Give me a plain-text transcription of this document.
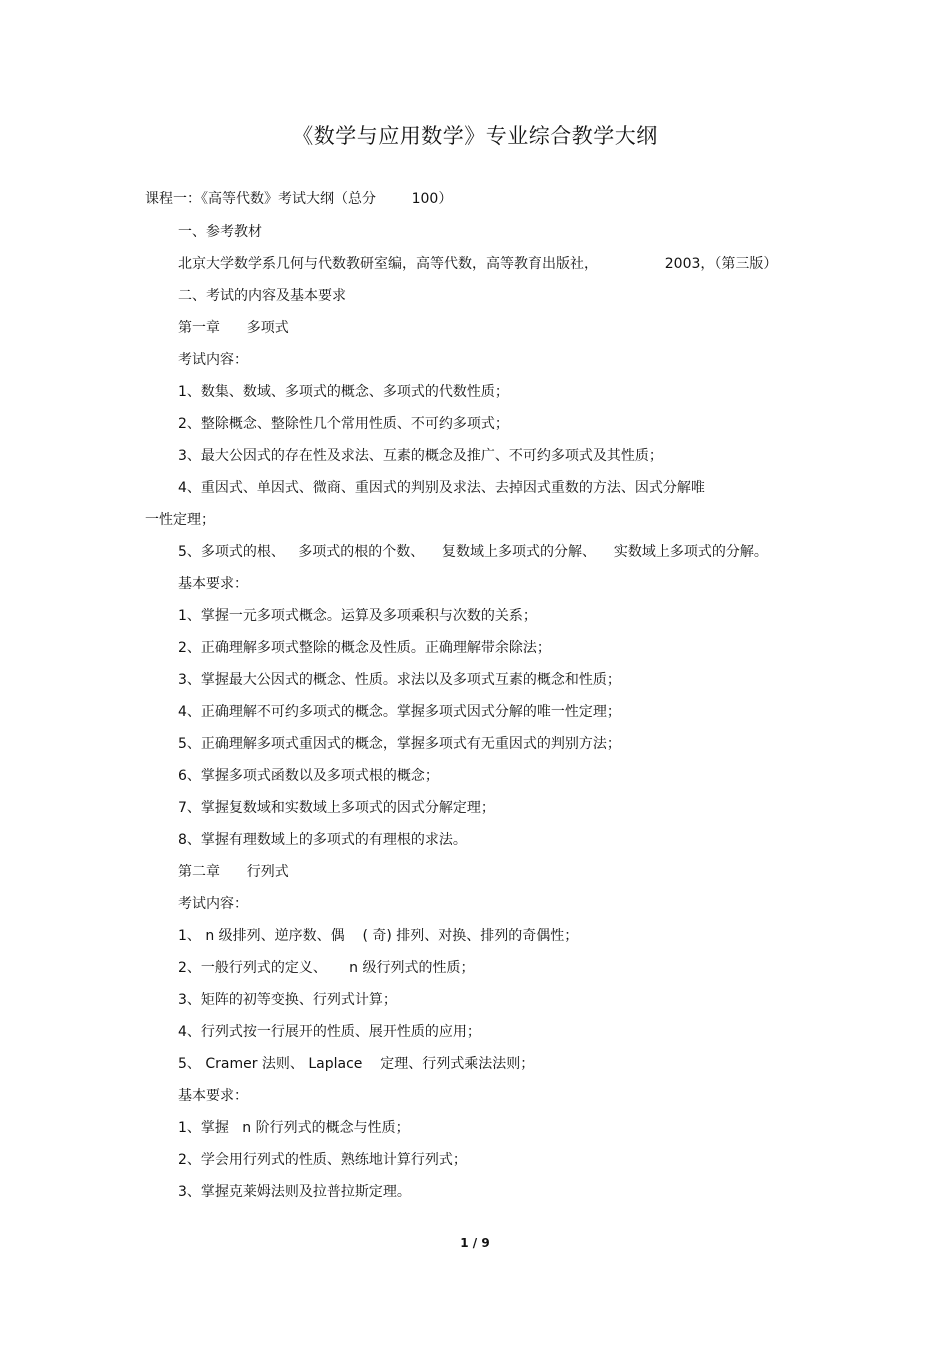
《数学与应用数学》专业综合教学大纲
课程一：《高等代数》考试大纲（总分        100）
一、参考教材
北京大学数学系几何与代数教研室编，高等代数，高等教育出版社，               2003，（第三版）
二、考试的内容及基本要求
第一章      多项式
考试内容：
1、数集、数域、多项式的概念、多项式的代数性质；
2、整除概念、整除性几个常用性质、不可约多项式；
3、最大公因式的存在性及求法、互素的概念及推广、不可约多项式及其性质；
4、重因式、单因式、微商、重因式的判别及求法、去掉因式重数的方法、因式分解唯
一性定理；
5、多项式的根、   多项式的根的个数、    复数域上多项式的分解、    实数域上多项式的分解。
基本要求：
1、掌握一元多项式概念。运算及多项乘积与次数的关系；
2、正确理解多项式整除的概念及性质。正确理解带余除法；
3、掌握最大公因式的概念、性质。求法以及多项式互素的概念和性质；
4、正确理解不可约多项式的概念。掌握多项式因式分解的唯一性定理；
5、正确理解多项式重因式的概念，掌握多项式有无重因式的判别方法；
6、掌握多项式函数以及多项式根的概念；
7、掌握复数域和实数域上多项式的因式分解定理；
8、掌握有理数域上的多项式的有理根的求法。
第二章      行列式
考试内容：
1、 n 级排列、逆序数、偶    ( 奇) 排列、对换、排列的奇偶性；
2、一般行列式的定义、     n 级行列式的性质；
3、矩阵的初等变换、行列式计算；
4、行列式按一行展开的性质、展开性质的应用；
5、 Cramer 法则、 Laplace    定理、行列式乘法法则；
基本要求：
1、掌握   n 阶行列式的概念与性质；
2、学会用行列式的性质、熟练地计算行列式；
3、掌握克莱姆法则及拉普拉斯定理。
1 / 9
